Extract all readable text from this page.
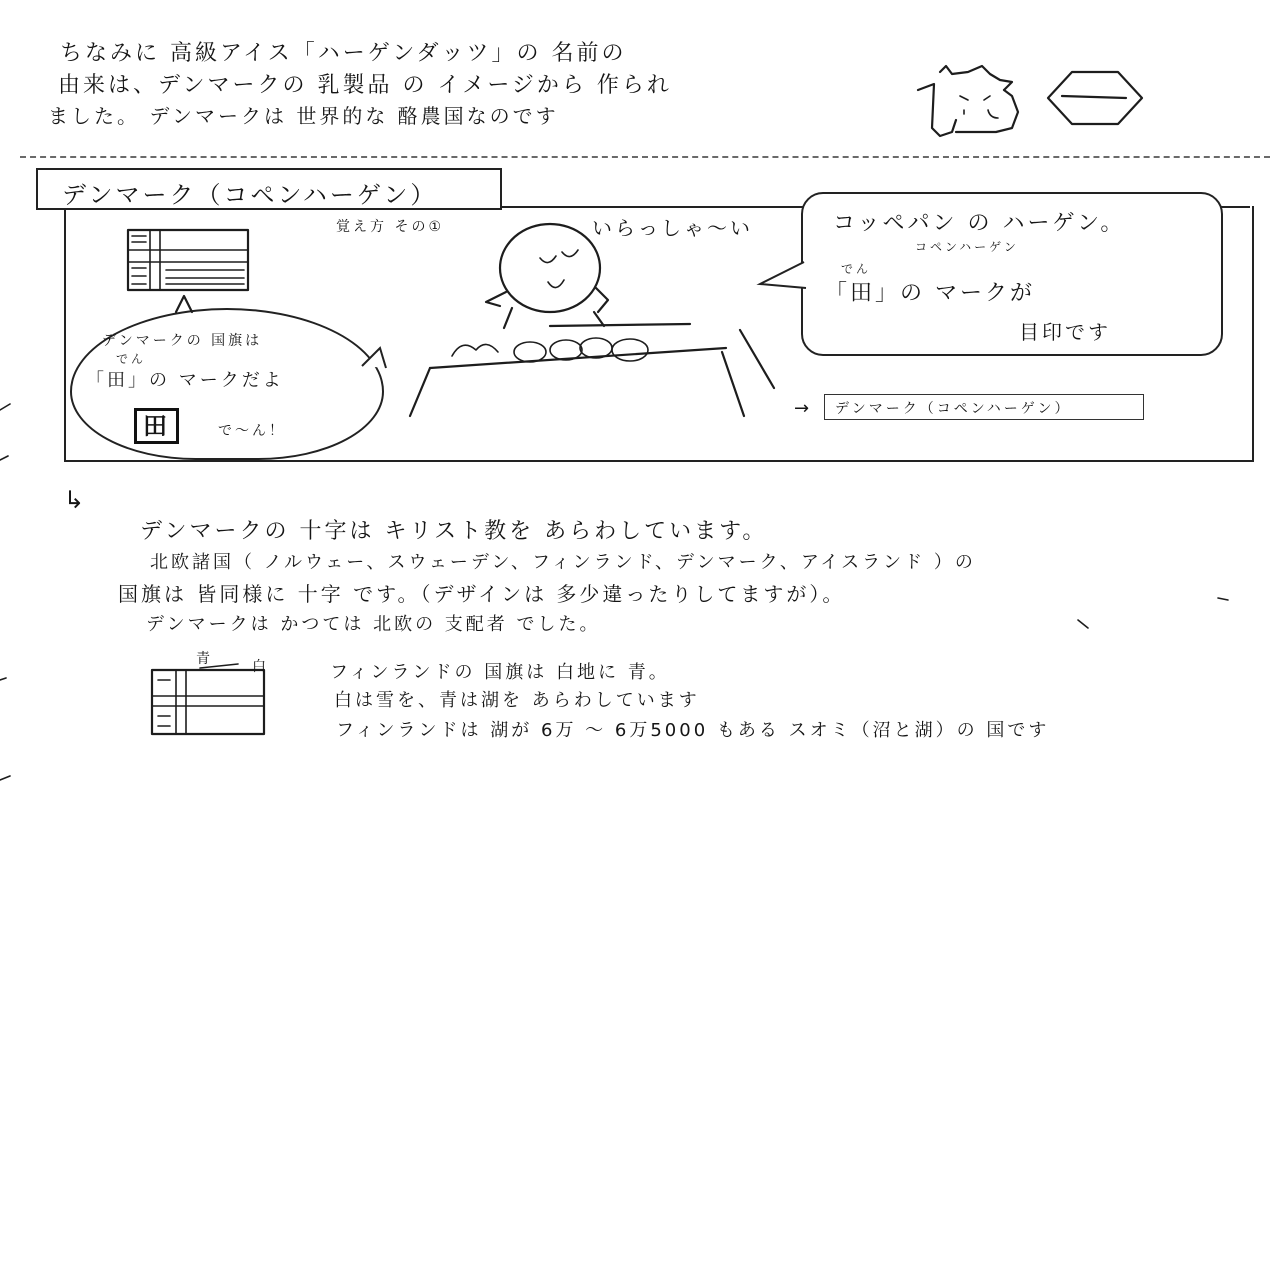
ちなみに 高級アイス「ハーゲンダッツ」の 名前の
由来は、デンマークの 乳製品 の イメージから 作られ
ました。 デンマークは 世界的な 酪農国なのです
デンマーク（コペンハーゲン）
覚え方 その①	いらっしゃ〜い	コッペパン の ハーゲン。
コペンハーゲン
でん
「田」の マークが
目印です
デンマークの 国旗は
でん
「田」の マークだよ
田	で〜ん！
→ デンマーク（コペンハーゲン）
↳
デンマークの 十字は キリスト教を あらわしています。
北欧諸国（ ノルウェー、スウェーデン、フィンランド、デンマーク、アイスランド ）の
国旗は 皆同様に 十字 です。（デザインは 多少違ったりしてますが）。
デンマークは かつては 北欧の 支配者 でした。
青	白	フィンランドの 国旗は 白地に 青。
白は雪を、青は湖を あらわしています
フィンランドは 湖が 6万 〜 6万5000 もある スオミ（沼と湖）の 国です
